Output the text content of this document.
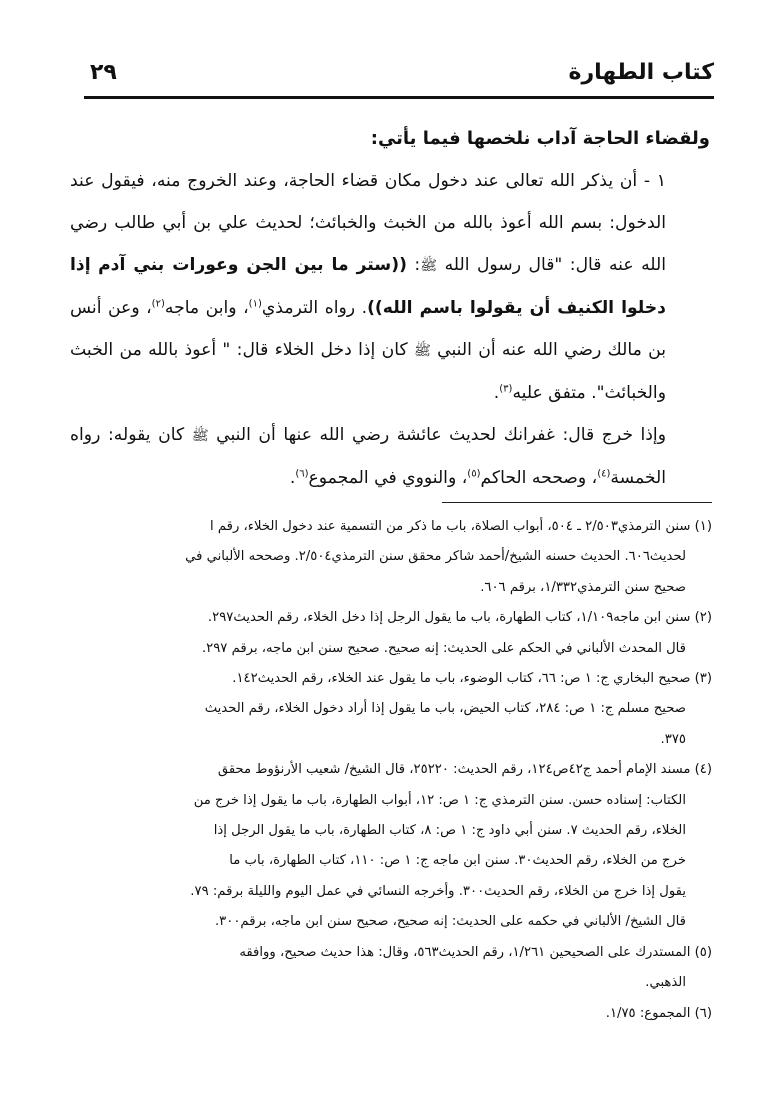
كتاب الطهارة
٢٩

ولقضاء الحاجة آداب نلخصها فيما يأتي:

١ - أن يذكر الله تعالى عند دخول مكان قضاء الحاجة، وعند الخروج منه، فيقول عند الدخول: بسم الله أعوذ بالله من الخبث والخبائث؛ لحديث علي بن أبي طالب رضي الله عنه قال: "قال رسول الله ﷺ: ((ستر ما بين الجن وعورات بني آدم إذا دخلوا الكنيف أن يقولوا باسم الله)). رواه الترمذي$^{(١)}$، وابن ماجه$^{(٢)}$، وعن أنس بن مالك رضي الله عنه أن النبي ﷺ كان إذا دخل الخلاء قال: " أعوذ بالله من الخبث والخبائث". متفق عليه$^{(٣)}$.

وإذا خرج قال: غفرانك لحديث عائشة رضي الله عنها أن النبي ﷺ كان يقوله: رواه الخمسة$^{(٤)}$، وصححه الحاكم$^{(٥)}$، والنووي في المجموع$^{(٦)}$.

(١) سنن الترمذي٢/٥٠٣ ـ ٥٠٤، أبواب الصلاة، باب ما ذكر من التسمية عند دخول الخلاء، رقم ا
لحديث٦٠٦. الحديث حسنه الشيخ/أحمد شاكر محقق سنن الترمذي٢/٥٠٤. وصححه الألباني في
صحيح سنن الترمذي١/٣٣٢، برقم ٦٠٦.
(٢) سنن ابن ماجه١/١٠٩، كتاب الطهارة، باب ما يقول الرجل إذا دخل الخلاء، رقم الحديث٢٩٧.
قال المحدث الألباني في الحكم على الحديث: إنه صحيح. صحيح سنن ابن ماجه، برقم ٢٩٧.
(٣) صحيح البخاري ج: ١ ص: ٦٦، كتاب الوضوء، باب ما يقول عند الخلاء، رقم الحديث١٤٢.
صحيح مسلم ج: ١ ص: ٢٨٤، كتاب الحيض، باب ما يقول إذا أراد دخول الخلاء، رقم الحديث
٣٧٥.
(٤) مسند الإمام أحمد ج٤٢ص١٢٤، رقم الحديث: ٢٥٢٢٠، قال الشيخ/ شعيب الأرنؤوط محقق
الكتاب: إسناده حسن. سنن الترمذي ج: ١ ص: ١٢، أبواب الطهارة، باب ما يقول إذا خرج من
الخلاء، رقم الحديث ٧. سنن أبي داود ج: ١ ص: ٨، كتاب الطهارة، باب ما يقول الرجل إذا
خرج من الخلاء، رقم الحديث٣٠. سنن ابن ماجه ج: ١ ص: ١١٠، كتاب الطهارة، باب ما
يقول إذا خرج من الخلاء، رقم الحديث٣٠٠. وأخرجه النسائي في عمل اليوم والليلة برقم: ٧٩.
قال الشيخ/ الألباني في حكمه على الحديث: إنه صحيح، صحيح سنن ابن ماجه، برقم٣٠٠.
(٥) المستدرك على الصحيحين ١/٢٦١، رقم الحديث٥٦٣، وقال: هذا حديث صحيح، ووافقه
الذهبي.
(٦) المجموع: ١/٧٥.
